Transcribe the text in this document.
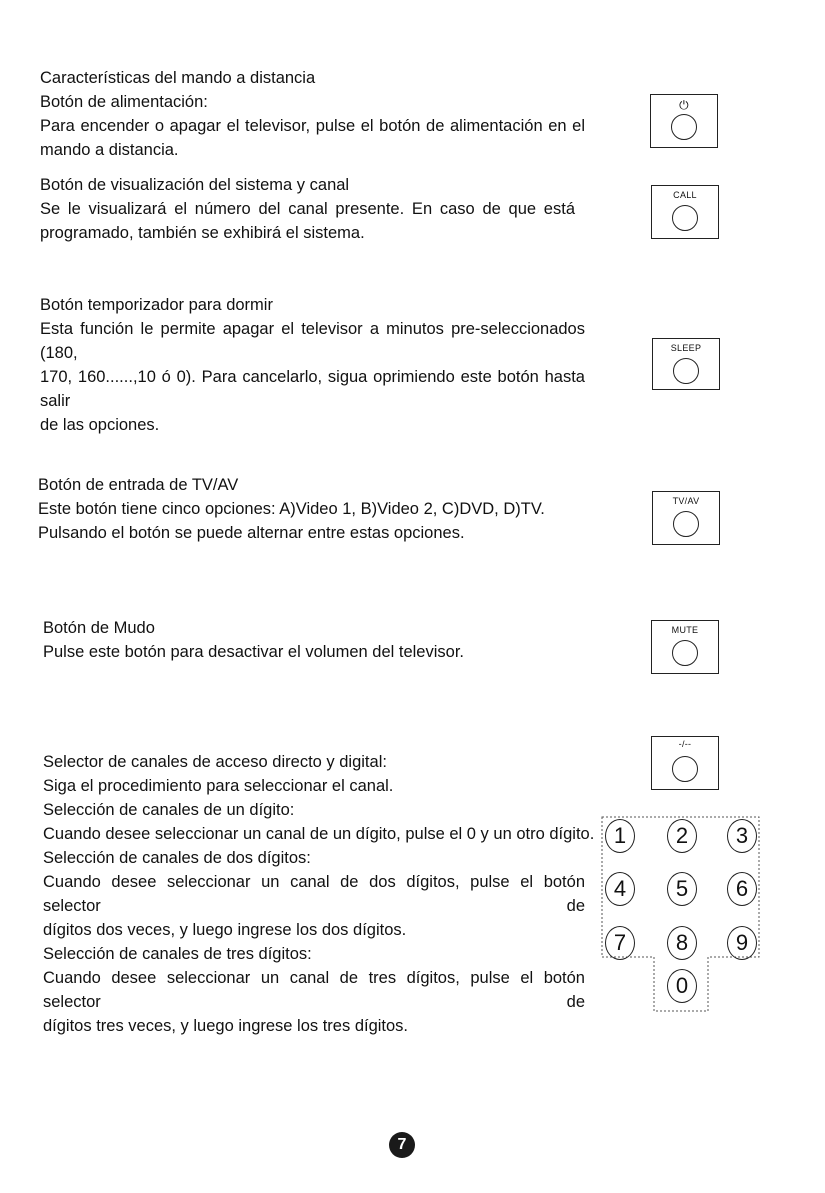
Características del mando a distancia

Botón de alimentación:

Para encender o apagar el televisor, pulse el botón de alimentación en el

mando a distancia.

⏻

Botón de visualización del sistema y canal

Se le visualizará el número del canal presente. En caso de que está

programado, también se exhibirá el sistema.

CALL

Botón temporizador para dormir

Esta función le permite apagar el televisor a minutos pre-seleccionados (180,

170, 160......,10 ó 0). Para cancelarlo, sigua oprimiendo este botón hasta salir

de las opciones.

SLEEP

Botón de entrada de TV/AV

Este botón tiene cinco opciones: A)Video 1, B)Video 2, C)DVD, D)TV.

Pulsando el botón se puede alternar entre estas opciones.

TV/AV

Botón de Mudo

Pulse este botón para desactivar el volumen del televisor.

MUTE

Selector de canales de acceso directo y digital:

Siga el procedimiento para seleccionar el canal.

Selección de canales de un dígito:

Cuando desee seleccionar un canal de un dígito, pulse el 0 y un otro dígito.

Selección de canales de dos dígitos:

Cuando desee seleccionar un canal de dos dígitos, pulse el botón selector de

dígitos dos veces, y luego ingrese los dos dígitos.

Selección de canales de tres dígitos:

Cuando desee seleccionar un canal de tres dígitos, pulse el botón selector de

dígitos tres veces, y luego ingrese los tres dígitos.

-/--
1	2	3
4	5	6
7	8	9
0
7
